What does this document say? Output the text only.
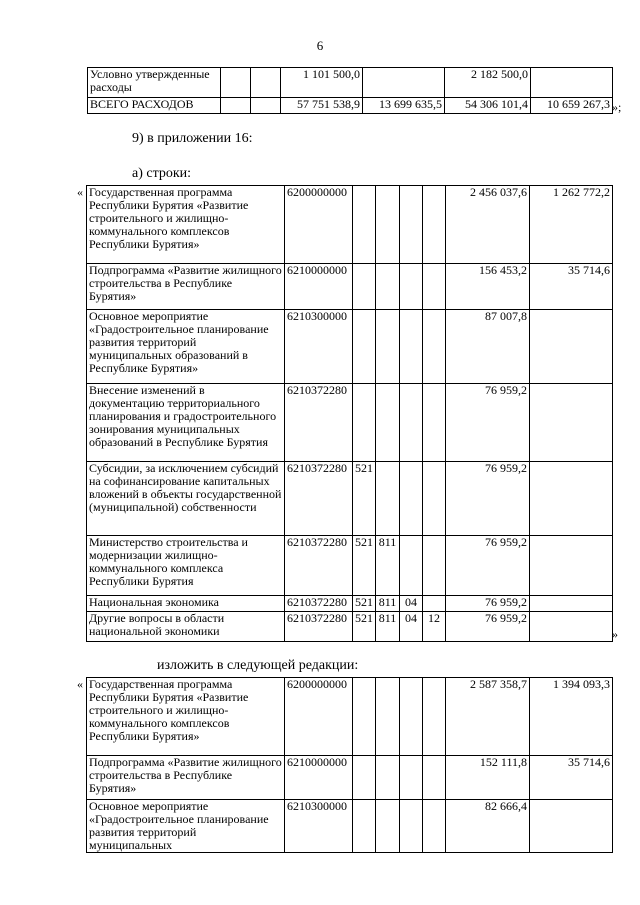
6
Условно утвержденные расходы			1 101 500,0		2 182 500,0	
ВСЕГО РАСХОДОВ			57 751 538,9	13 699 635,5	54 306 101,4	10 659 267,3 »;
9) в приложении 16:
а) строки:
« Государственная программа Республики Бурятия «Развитие строительного и жилищно-коммунального комплексов Республики Бурятия»	6200000000					2 456 037,6	1 262 772,2
Подпрограмма «Развитие жилищного строительства в Республике Бурятия»	6210000000					156 453,2	35 714,6
Основное мероприятие «Градостроительное планирование развития территорий муниципальных образований в Республике Бурятия»	6210300000					87 007,8	
Внесение изменений в документацию территориального планирования и градостроительного зонирования муниципальных образований в Республике Бурятия	6210372280					76 959,2	
Субсидии, за исключением субсидий на софинансирование капитальных вложений в объекты государственной (муниципальной) собственности	6210372280	521				76 959,2	
Министерство строительства и модернизации жилищно-коммунального комплекса Республики Бурятия	6210372280	521	811			76 959,2	
Национальная экономика	6210372280	521	811	04		76 959,2	
Другие вопросы в области национальной экономики	6210372280	521	811	04	12	76 959,2	
»
изложить в следующей редакции:
« Государственная программа Республики Бурятия «Развитие строительного и жилищно-коммунального комплексов Республики Бурятия»	6200000000					2 587 358,7	1 394 093,3
Подпрограмма «Развитие жилищного строительства в Республике Бурятия»	6210000000					152 111,8	35 714,6
Основное мероприятие «Градостроительное планирование развития территорий муниципальных	6210300000					82 666,4	
